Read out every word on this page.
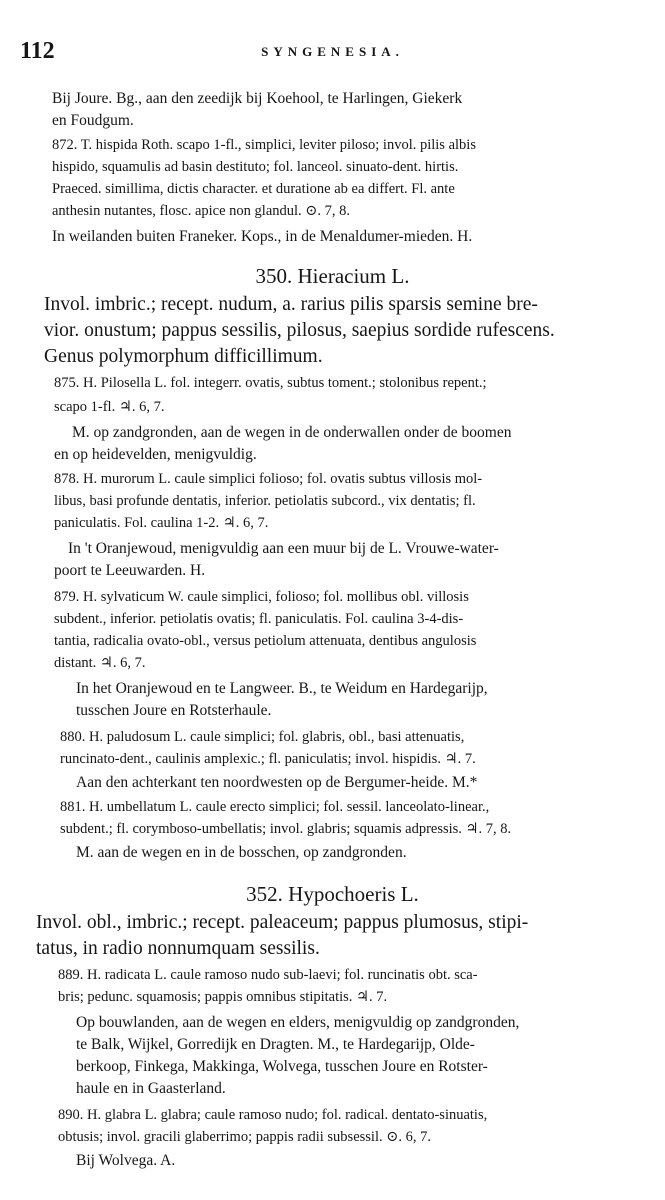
112	SYNGENESIA.
Bij Joure. Bg., aan den zeedijk bij Koehool, te Harlingen, Giekerk
en Foudgum.
872. T. hispida Roth. scapo 1-fl., simplici, leviter piloso; invol. pilis albis
hispido, squamulis ad basin destituto; fol. lanceol. sinuato-dent. hirtis.
Praeced. simillima, dictis character. et duratione ab ea differt. Fl. ante
anthesin nutantes, flosc. apice non glandul. ⊙. 7, 8.
In weilanden buiten Franeker. Kops., in de Menaldumer-mieden. H.
350. Hieracium L.
Invol. imbric.; recept. nudum, a. rarius pilis sparsis semine bre-
vior. onustum; pappus sessilis, pilosus, saepius sordide rufescens.
Genus polymorphum difficillimum.
875. H. Pilosella L. fol. integerr. ovatis, subtus toment.; stolonibus repent.;
scapo 1-fl. ♃. 6, 7.
M. op zandgronden, aan de wegen in de onderwallen onder de boomen
en op heidevelden, menigvuldig.
878. H. murorum L. caule simplici folioso; fol. ovatis subtus villosis mol-
libus, basi profunde dentatis, inferior. petiolatis subcord., vix dentatis; fl.
paniculatis. Fol. caulina 1-2. ♃. 6, 7.
In 't Oranjewoud, menigvuldig aan een muur bij de L. Vrouwe-water-
poort te Leeuwarden. H.
879. H. sylvaticum W. caule simplici, folioso; fol. mollibus obl. villosis
subdent., inferior. petiolatis ovatis; fl. paniculatis. Fol. caulina 3-4-dis-
tantia, radicalia ovato-obl., versus petiolum attenuata, dentibus angulosis
distant. ♃. 6, 7.
In het Oranjewoud en te Langweer. B., te Weidum en Hardegarijp,
tusschen Joure en Rotsterhaule.
880. H. paludosum L. caule simplici; fol. glabris, obl., basi attenuatis,
runcinato-dent., caulinis amplexic.; fl. paniculatis; invol. hispidis. ♃. 7.
Aan den achterkant ten noordwesten op de Bergumer-heide. M.*
881. H. umbellatum L. caule erecto simplici; fol. sessil. lanceolato-linear.,
subdent.; fl. corymboso-umbellatis; invol. glabris; squamis adpressis. ♃. 7, 8.
M. aan de wegen en in de bosschen, op zandgronden.
352. Hypochoeris L.
Invol. obl., imbric.; recept. paleaceum; pappus plumosus, stipi-
tatus, in radio nonnumquam sessilis.
889. H. radicata L. caule ramoso nudo sub-laevi; fol. runcinatis obt. sca-
bris; pedunc. squamosis; pappis omnibus stipitatis. ♃. 7.
Op bouwlanden, aan de wegen en elders, menigvuldig op zandgronden,
te Balk, Wijkel, Gorredijk en Dragten. M., te Hardegarijp, Olde-
berkoop, Finkega, Makkinga, Wolvega, tusschen Joure en Rotster-
haule en in Gaasterland.
890. H. glabra L. glabra; caule ramoso nudo; fol. radical. dentato-sinuatis,
obtusis; invol. gracili glaberrimo; pappis radii subsessil. ⊙. 6, 7.
Bij Wolvega. A.
